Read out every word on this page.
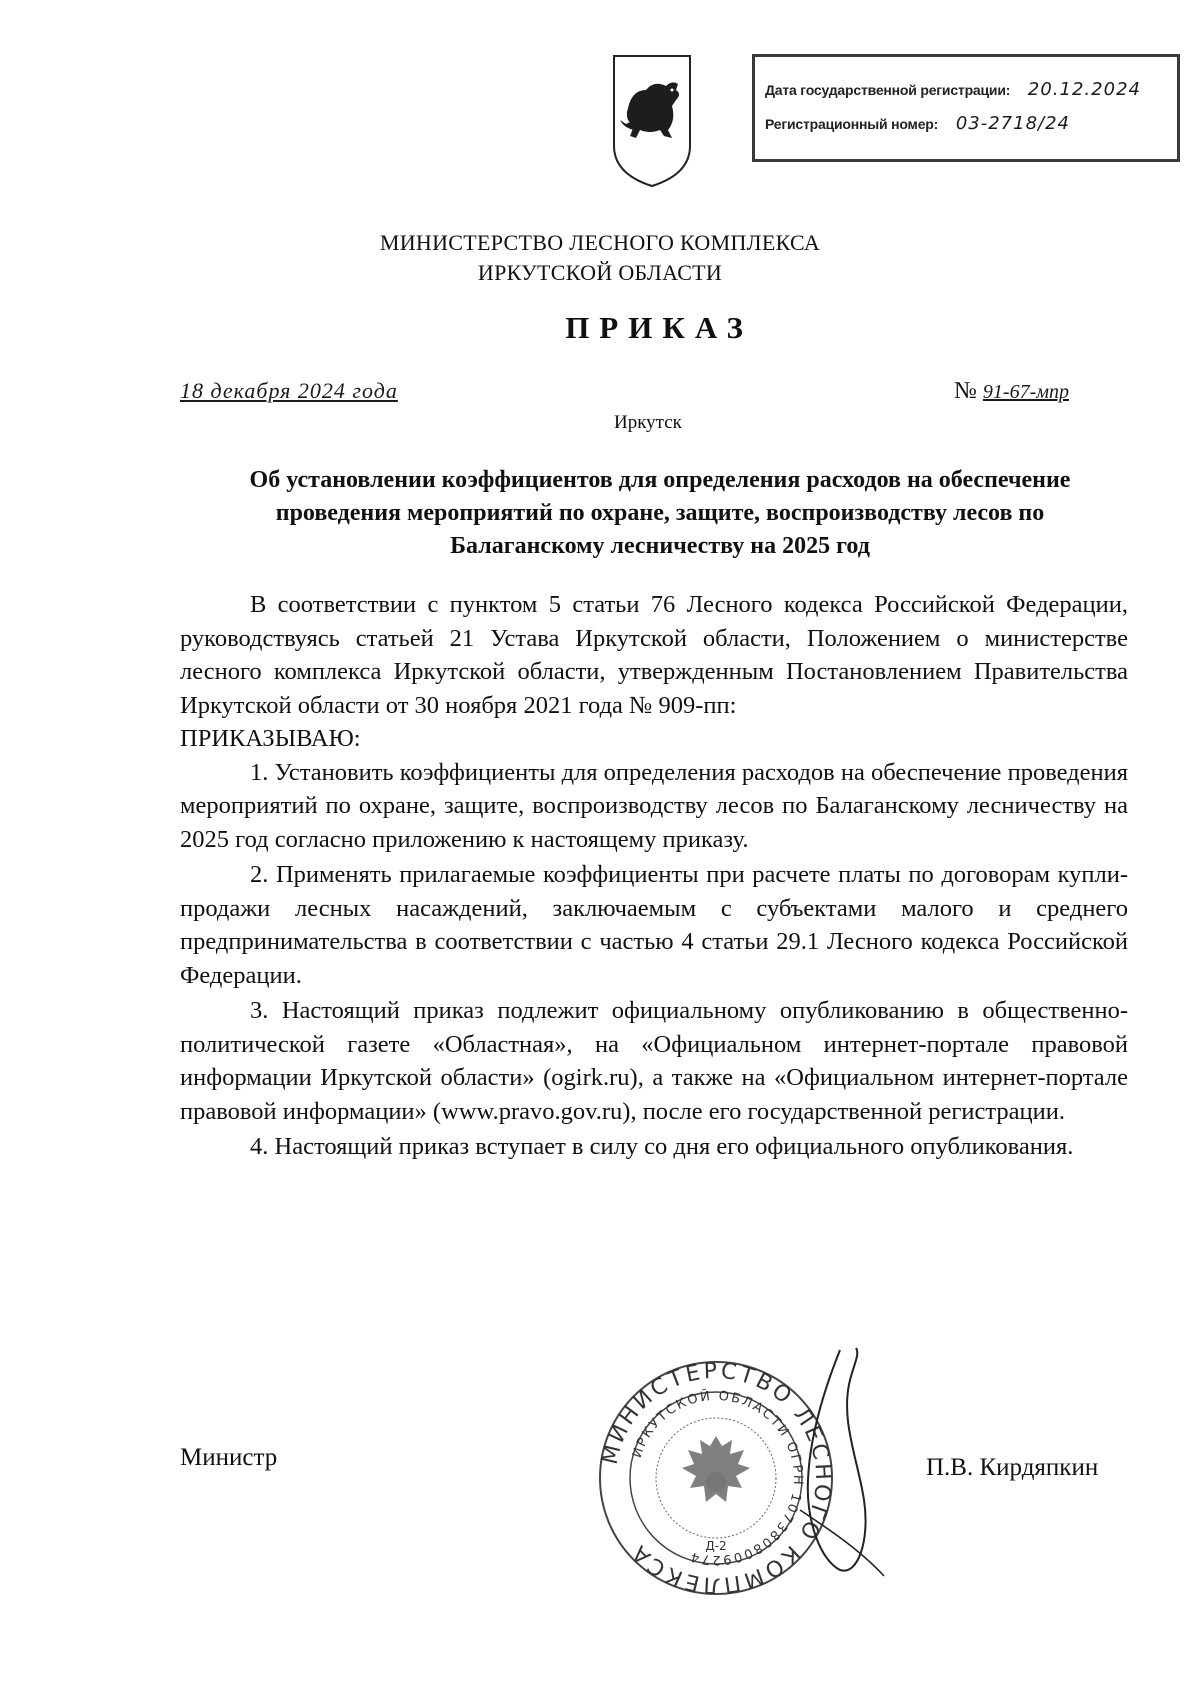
Дата государственной регистрации: 20.12.2024
Регистрационный номер: 03-2718/24
МИНИСТЕРСТВО ЛЕСНОГО КОМПЛЕКСА
ИРКУТСКОЙ ОБЛАСТИ
ПРИКАЗ
18 декабря 2024 года	№ 91-67-мпр
Иркутск
Об установлении коэффициентов для определения расходов на обеспечение проведения мероприятий по охране, защите, воспроизводству лесов по Балаганскому лесничеству на 2025 год

В соответствии с пунктом 5 статьи 76 Лесного кодекса Российской Федерации, руководствуясь статьей 21 Устава Иркутской области, Положением о министерстве лесного комплекса Иркутской области, утвержденным Постановлением Правительства Иркутской области от 30 ноября 2021 года № 909-пп:

ПРИКАЗЫВАЮ:

1. Установить коэффициенты для определения расходов на обеспечение проведения мероприятий по охране, защите, воспроизводству лесов по Балаганскому лесничеству на 2025 год согласно приложению к настоящему приказу.

2. Применять прилагаемые коэффициенты при расчете платы по договорам купли-продажи лесных насаждений, заключаемым с субъектами малого и среднего предпринимательства в соответствии с частью 4 статьи 29.1 Лесного кодекса Российской Федерации.

3. Настоящий приказ подлежит официальному опубликованию в общественно-политической газете «Областная», на «Официальном интернет-портале правовой информации Иркутской области» (ogirk.ru), а также на «Официальном интернет-портале правовой информации» (www.pravo.gov.ru), после его государственной регистрации.

4. Настоящий приказ вступает в силу со дня его официального опубликования.

МИНИСТЕРСТВО ЛЕСНОГО КОМПЛЕКСА
ИРКУТСКОЙ ОБЛАСТИ ОГРН 1073808009274
Д-2
Министр	П.В. Кирдяпкин
